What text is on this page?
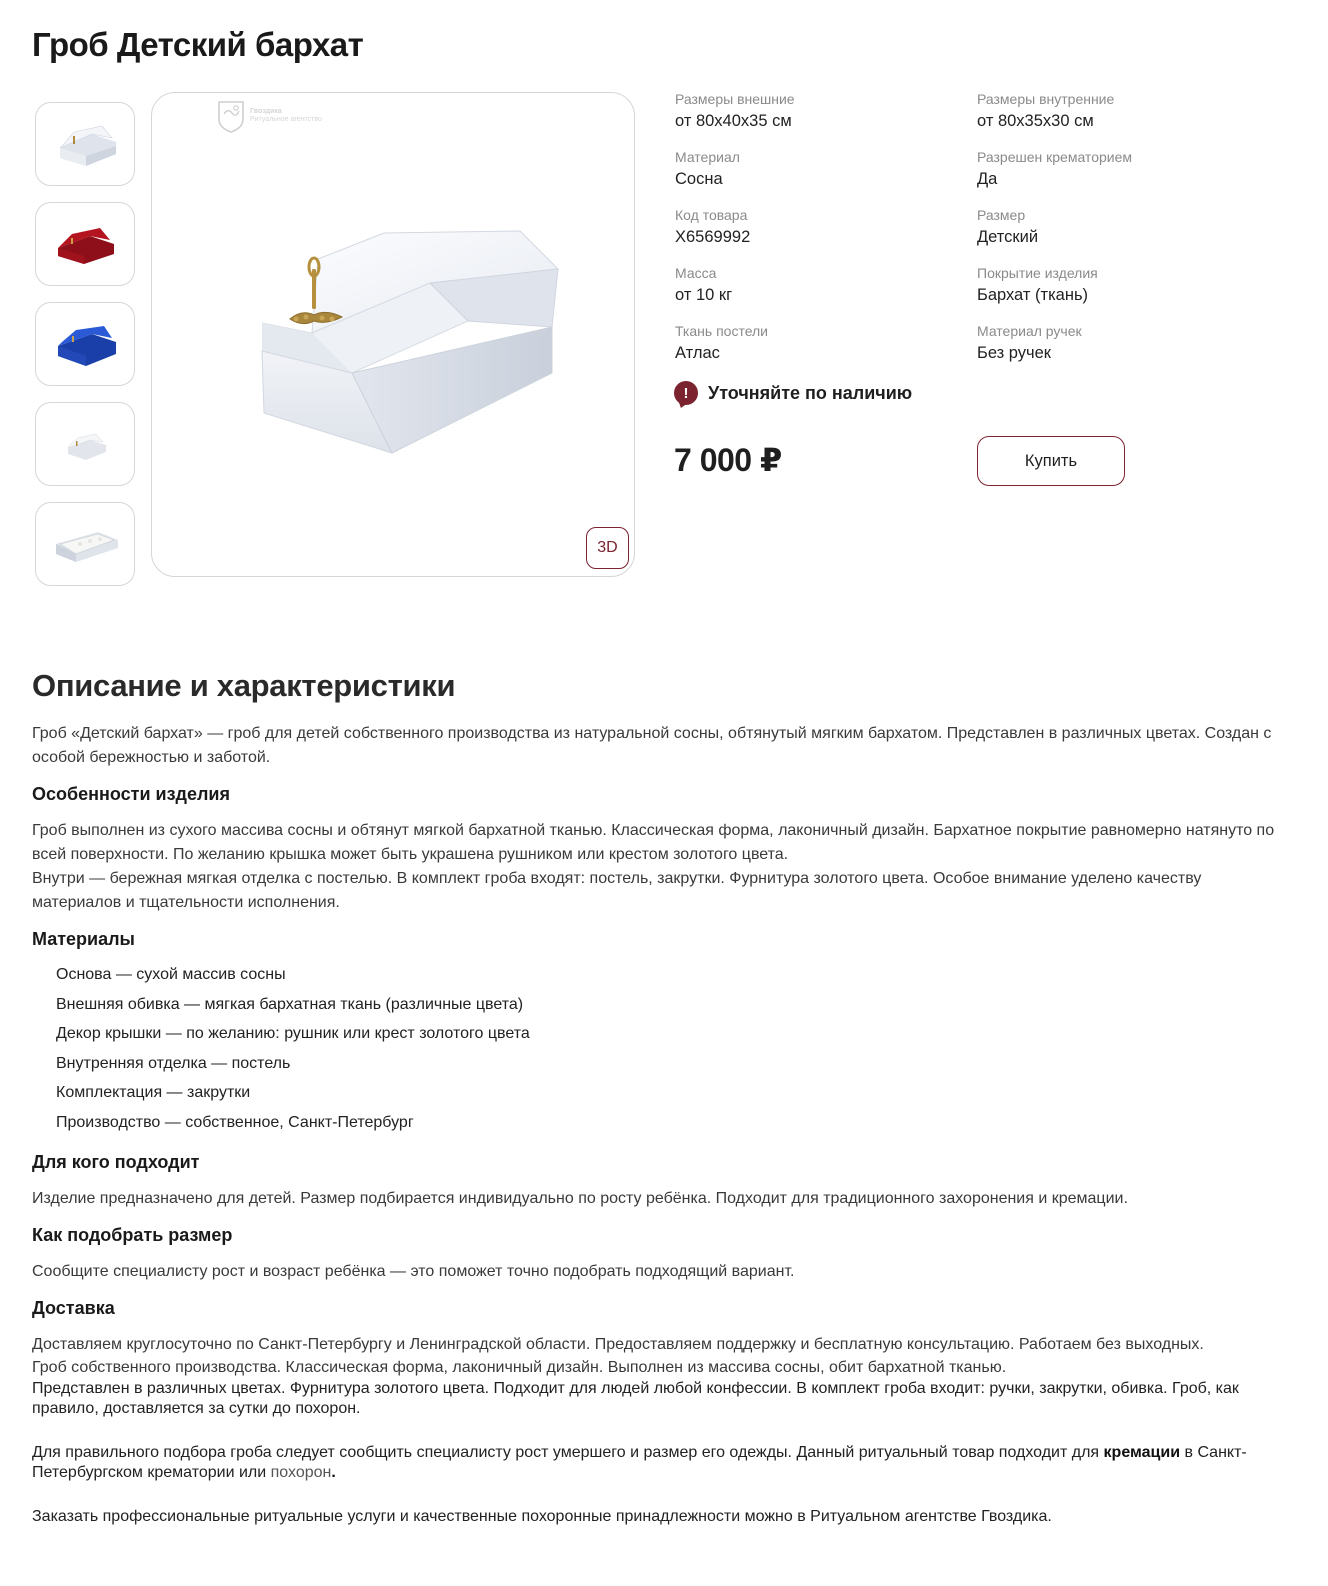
Гроб Детский бархат
Гвоздика
Ритуальное агентство
3D
Размеры внешние
от 80х40х35 см
Размеры внутренние
от 80х35х30 см
Материал
Сосна
Разрешен крематорием
Да
Код товара
X6569992
Размер
Детский
Масса
от 10 кг
Покрытие изделия
Бархат (ткань)
Ткань постели
Атлас
Материал ручек
Без ручек
!	Уточняйте по наличию
7 000 ₽	Купить
Описание и характеристики

Гроб «Детский бархат» — гроб для детей собственного производства из натуральной сосны, обтянутый мягким бархатом. Представлен в различных цветах. Создан с особой бережностью и заботой.

Особенности изделия

Гроб выполнен из сухого массива сосны и обтянут мягкой бархатной тканью. Классическая форма, лаконичный дизайн. Бархатное покрытие равномерно натянуто по всей поверхности. По желанию крышка может быть украшена рушником или крестом золотого цвета.

Внутри — бережная мягкая отделка с постелью. В комплект гроба входят: постель, закрутки. Фурнитура золотого цвета. Особое внимание уделено качеству материалов и тщательности исполнения.

Материалы
Основа — сухой массив сосны
Внешняя обивка — мягкая бархатная ткань (различные цвета)
Декор крышки — по желанию: рушник или крест золотого цвета
Внутренняя отделка — постель
Комплектация — закрутки
Производство — собственное, Санкт-Петербург
Для кого подходит

Изделие предназначено для детей. Размер подбирается индивидуально по росту ребёнка. Подходит для традиционного захоронения и кремации.

Как подобрать размер

Сообщите специалисту рост и возраст ребёнка — это поможет точно подобрать подходящий вариант.

Доставка

Доставляем круглосуточно по Санкт-Петербургу и Ленинградской области. Предоставляем поддержку и бесплатную консультацию. Работаем без выходных.

Гроб собственного производства. Классическая форма, лаконичный дизайн. Выполнен из массива сосны, обит бархатной тканью.

Представлен в различных цветах. Фурнитура золотого цвета. Подходит для людей любой конфессии. В комплект гроба входит: ручки, закрутки, обивка. Гроб, как правило, доставляется за сутки до похорон.

Для правильного подбора гроба следует сообщить специалисту рост умершего и размер его одежды. Данный ритуальный товар подходит для кремации в Санкт-Петербургском крематории или похорон.

Заказать профессиональные ритуальные услуги и качественные похоронные принадлежности можно в Ритуальном агентстве Гвоздика.
